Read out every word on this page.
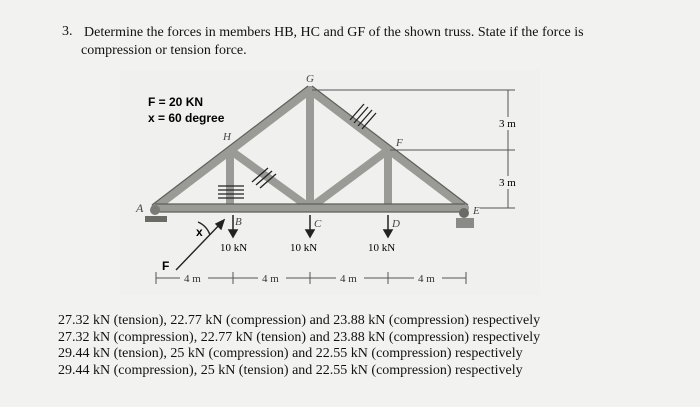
3. Determine the forces in members HB, HC and GF of the shown truss. State if the force is
compression or tension force.
F = 20 KN
x = 60 degree
A
B	C	D
E
F
G
H
10 kN	10 kN	10 kN
x
F
4 m	4 m	4 m	4 m
3 m
3 m
27.32 kN (tension), 22.77 kN (compression) and 23.88 kN (compression) respectively
27.32 kN (compression), 22.77 kN (tension) and 23.88 kN (compression) respectively
29.44 kN (tension), 25 kN (compression) and 22.55 kN (compression) respectively
29.44 kN (compression), 25 kN (tension) and 22.55 kN (compression) respectively
